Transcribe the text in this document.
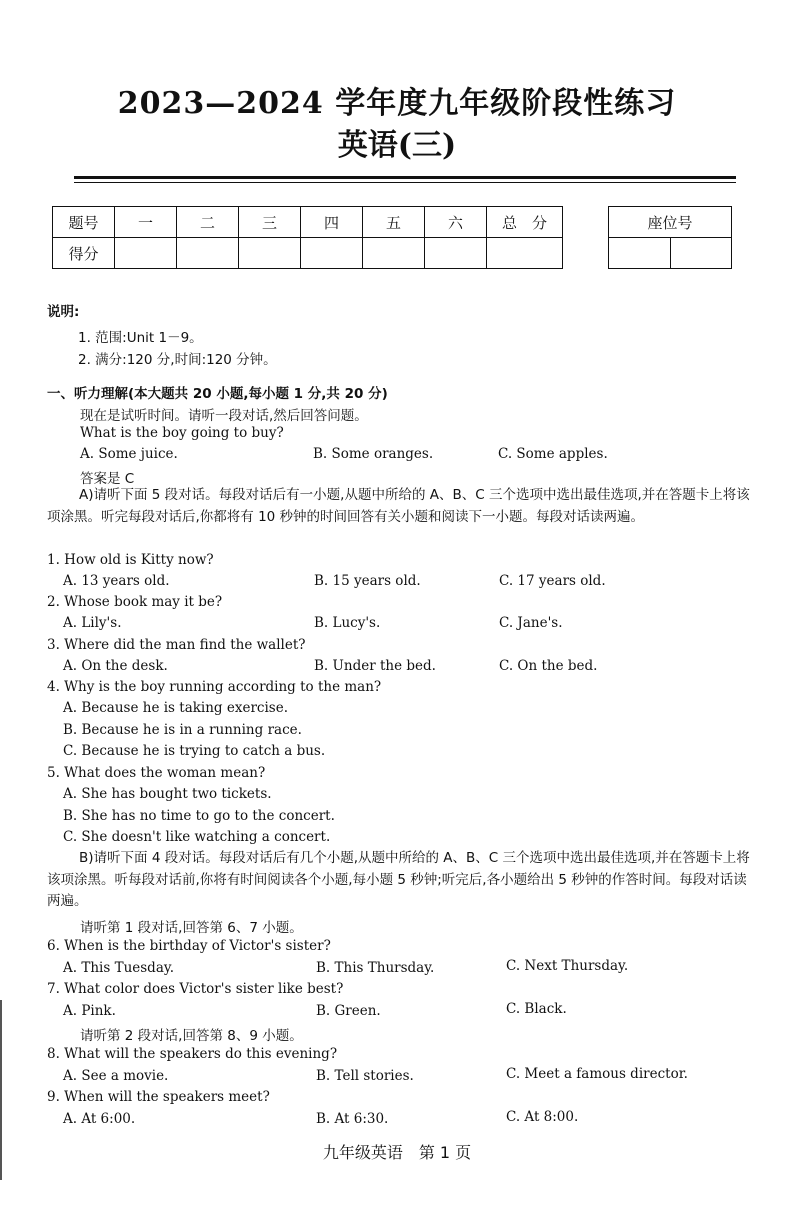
2023—2024 学年度九年级阶段性练习
英语(三)
题号	一	二	三	四	五	六	总　分
得分							
座位号

说明:
1. 范围:Unit 1－9。
2. 满分:120 分,时间:120 分钟。
一、听力理解(本大题共 20 小题,每小题 1 分,共 20 分)
现在是试听时间。请听一段对话,然后回答问题。
What is the boy going to buy?
A. Some juice.	B. Some oranges.	C. Some apples.
答案是 C
A)请听下面 5 段对话。每段对话后有一小题,从题中所给的 A、B、C 三个选项中选出最佳选项,并在答题卡上将该项涂黑。听完每段对话后,你都将有 10 秒钟的时间回答有关小题和阅读下一小题。每段对话读两遍。
1. How old is Kitty now?
A. 13 years old.	B. 15 years old.	C. 17 years old.
2. Whose book may it be?
A. Lily's.	B. Lucy's.	C. Jane's.
3. Where did the man find the wallet?
A. On the desk.	B. Under the bed.	C. On the bed.
4. Why is the boy running according to the man?
A. Because he is taking exercise.
B. Because he is in a running race.
C. Because he is trying to catch a bus.
5. What does the woman mean?
A. She has bought two tickets.
B. She has no time to go to the concert.
C. She doesn't like watching a concert.
B)请听下面 4 段对话。每段对话后有几个小题,从题中所给的 A、B、C 三个选项中选出最佳选项,并在答题卡上将该项涂黑。听每段对话前,你将有时间阅读各个小题,每小题 5 秒钟;听完后,各小题给出 5 秒钟的作答时间。每段对话读两遍。
请听第 1 段对话,回答第 6、7 小题。
6. When is the birthday of Victor's sister?
A. This Tuesday.	B. This Thursday.	C. Next Thursday.
7. What color does Victor's sister like best?
A. Pink.	B. Green.	C. Black.
请听第 2 段对话,回答第 8、9 小题。
8. What will the speakers do this evening?
A. See a movie.	B. Tell stories.	C. Meet a famous director.
9. When will the speakers meet?
A. At 6:00.	B. At 6:30.	C. At 8:00.
九年级英语　第 1 页
